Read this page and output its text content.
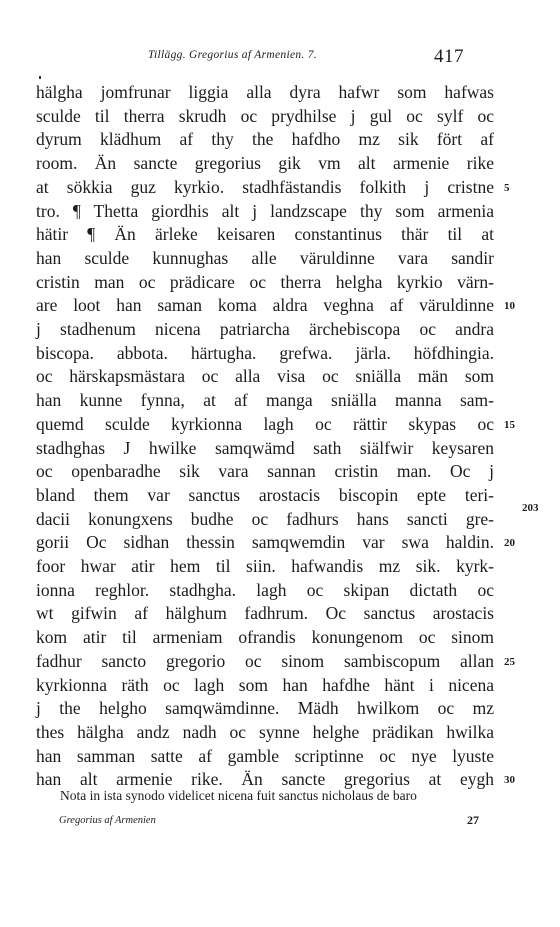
Tillägg. Gregorius af Armenien. 7.	417
hälgha jomfrunar liggia alla dyra hafwr som hafwas
sculde til therra skrudh oc prydhilse j gul oc sylf oc
dyrum klädhum af thy the hafdho mz sik fört af
room. Än sancte gregorius gik vm alt armenie rike
at sökkia guz kyrkio. stadhfästandis folkith j cristne
tro. ¶ Thetta giordhis alt j landzscape thy som armenia
hätir ¶ Än ärleke keisaren constantinus thär til at
han sculde kunnughas alle väruldinne vara sandir
cristin man oc prädicare oc therra helgha kyrkio värn-
are loot han saman koma aldra veghna af väruldinne
j stadhenum nicena patriarcha ärchebiscopa oc andra
biscopa. abbota. härtugha. grefwa. järla. höfdhingia.
oc härskapsmästara oc alla visa oc sniälla män som
han kunne fynna, at af manga sniälla manna sam-
quemd sculde kyrkionna lagh oc rättir skypas oc
stadhghas J hwilke samqwämd sath siälfwir keysaren
oc openbaradhe sik vara sannan cristin man. Oc j
bland them var sanctus arostacis biscopin epte teri-
dacii konungxens budhe oc fadhurs hans sancti gre-
gorii Oc sidhan thessin samqwemdin var swa haldin.
foor hwar atir hem til siin. hafwandis mz sik. kyrk-
ionna reghlor. stadhgha. lagh oc skipan dictath oc
wt gifwin af hälghum fadhrum. Oc sanctus arostacis
kom atir til armeniam ofrandis konungenom oc sinom
fadhur sancto gregorio oc sinom sambiscopum allan
kyrkionna räth oc lagh som han hafdhe hänt i nicena
j the helgho samqwämdinne. Mädh hwilkom oc mz
thes hälgha andz nadh oc synne helghe prädikan hwilka
han samman satte af gamble scriptinne oc nye lyuste
han alt armenie rike. Än sancte gregorius at eygh
5
10
15
20
25
30
203
Nota in ista synodo videlicet nicena fuit sanctus nicholaus de baro
Gregorius af Armenien	27
